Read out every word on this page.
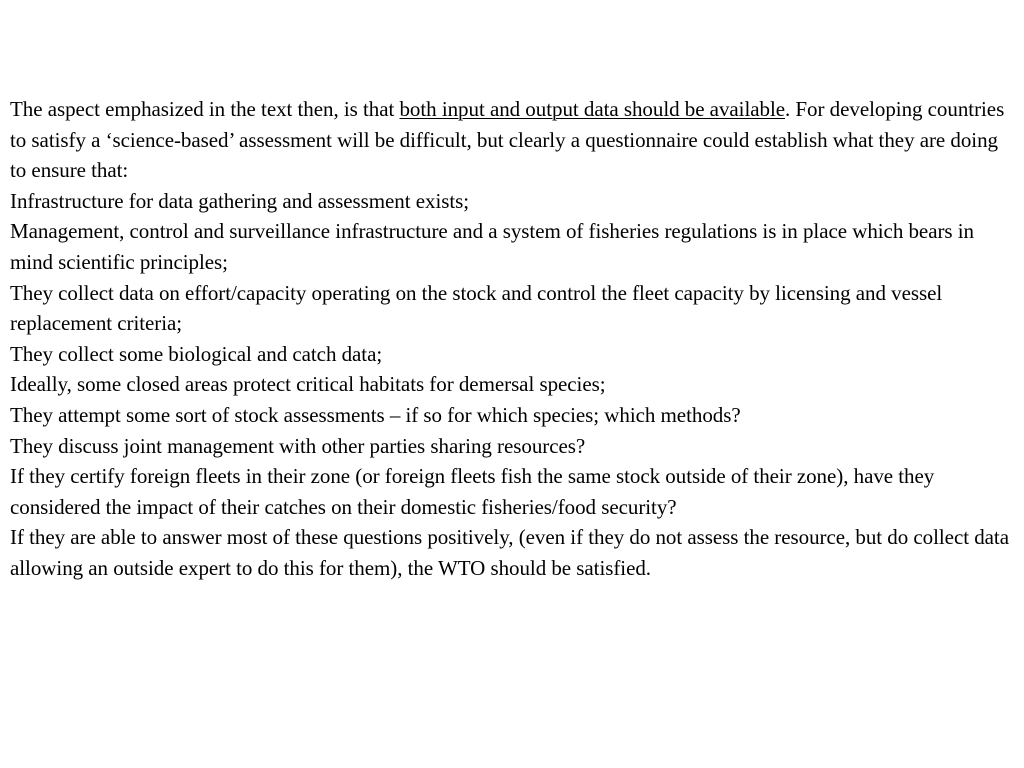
The aspect emphasized in the text then, is that both input and output data should be available. For developing countries to satisfy a ‘science-based’ assessment will be difficult, but clearly a questionnaire could establish what they are doing to ensure that:

Infrastructure for data gathering and assessment exists;

Management, control and surveillance infrastructure and a system of fisheries regulations is in place which bears in mind scientific principles;

They collect data on effort/capacity operating on the stock and control the fleet capacity by licensing and vessel replacement criteria;

They collect some biological and catch data;

Ideally, some closed areas protect critical habitats for demersal species;

They attempt some sort of stock assessments – if so for which species; which methods?

They discuss joint management with other parties sharing resources?

If they certify foreign fleets in their zone (or foreign fleets fish the same stock outside of their zone), have they considered the impact of their catches on their domestic fisheries/food security?

If they are able to answer most of these questions positively, (even if they do not assess the resource, but do collect data allowing an outside expert to do this for them), the WTO should be satisfied.
